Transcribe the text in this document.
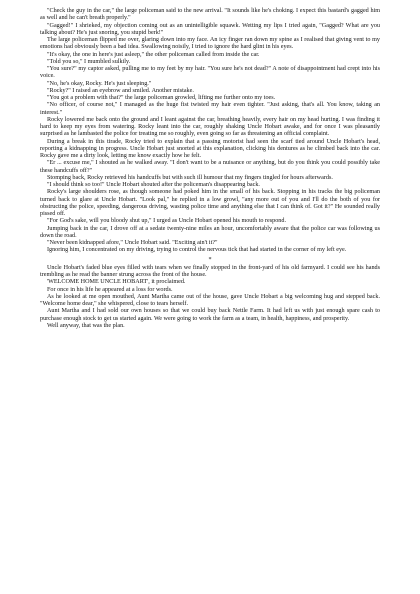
"Check the guy in the car," the large policeman said to the new arrival. "It sounds like he's choking. I expect this bastard's gagged him as well and he can't breath properly."

"Gagged!" I shrieked, my objection coming out as an unintelligible squawk. Wetting my lips I tried again, "Gagged? What are you talking about? He's just snoring, you stupid berk!"

The large policeman flipped me over, glaring down into my face. An icy finger ran down my spine as I realised that giving vent to my emotions had obviously been a bad idea. Swallowing noisily, I tried to ignore the hard glint in his eyes.

"It's okay, the one in here's just asleep," the other policeman called from inside the car.

"Told you so," I mumbled sulkily.

"You sure?" my captor asked, pulling me to my feet by my hair. "You sure he's not dead?" A note of disappointment had crept into his voice.

"No, he's okay, Rocky. He's just sleeping."

"Rocky?" I raised an eyebrow and smiled. Another mistake.

"You got a problem with that?" the large policeman growled, lifting me further onto my toes.

"No officer, of course not," I managed as the huge fist twisted my hair even tighter. "Just asking, that's all. You know, taking an interest."

Rocky lowered me back onto the ground and I leant against the car, breathing heavily, every hair on my head hurting. I was finding it hard to keep my eyes from watering. Rocky leant into the car, roughly shaking Uncle Hobart awake, and for once I was pleasantly surprised as he lambasted the police for treating me so roughly, even going so far as threatening an official complaint.

During a break in this tirade, Rocky tried to explain that a passing motorist had seen the scarf tied around Uncle Hobart's head, reporting a kidnapping in progress. Uncle Hobart just snorted at this explanation, clicking his dentures as he climbed back into the car. Rocky gave me a dirty look, letting me know exactly how he felt.

"Er ... excuse me," I shouted as he walked away. "I don't want to be a nuisance or anything, but do you think you could possibly take these handcuffs off?"

Stomping back, Rocky retrieved his handcuffs but with such ill humour that my fingers tingled for hours afterwards.

"I should think so too!" Uncle Hobart shouted after the policeman's disappearing back.

Rocky's large shoulders rose, as though someone had poked him in the small of his back. Stopping in his tracks the big policeman turned back to glare at Uncle Hobart. "Look pal," he replied in a low growl, "any more out of you and I'll do the both of you for obstructing the police, speeding, dangerous driving, wasting police time and anything else that I can think of. Got it?" He sounded really pissed off.

"For God's sake, will you bloody shut up," I urged as Uncle Hobart opened his mouth to respond.

Jumping back in the car, I drove off at a sedate twenty-nine miles an hour, uncomfortably aware that the police car was following us down the road.

"Never been kidnapped afore," Uncle Hobart said. "Exciting ain't it?"

Ignoring him, I concentrated on my driving, trying to control the nervous tick that had started in the corner of my left eye.

*

Uncle Hobart's faded blue eyes filled with tears when we finally stopped in the front-yard of his old farmyard. I could see his hands trembling as he read the banner strung across the front of the house.

'WELCOME HOME UNCLE HOBART', it proclaimed.

For once in his life he appeared at a loss for words.

As he looked at me open mouthed, Aunt Martha came out of the house, gave Uncle Hobart a big welcoming hug and stepped back. "Welcome home dear," she whispered, close to tears herself.

Aunt Martha and I had sold our own houses so that we could buy back Nettle Farm. It had left us with just enough spare cash to purchase enough stock to get us started again. We were going to work the farm as a team, in health, happiness, and prosperity.

Well anyway, that was the plan.
